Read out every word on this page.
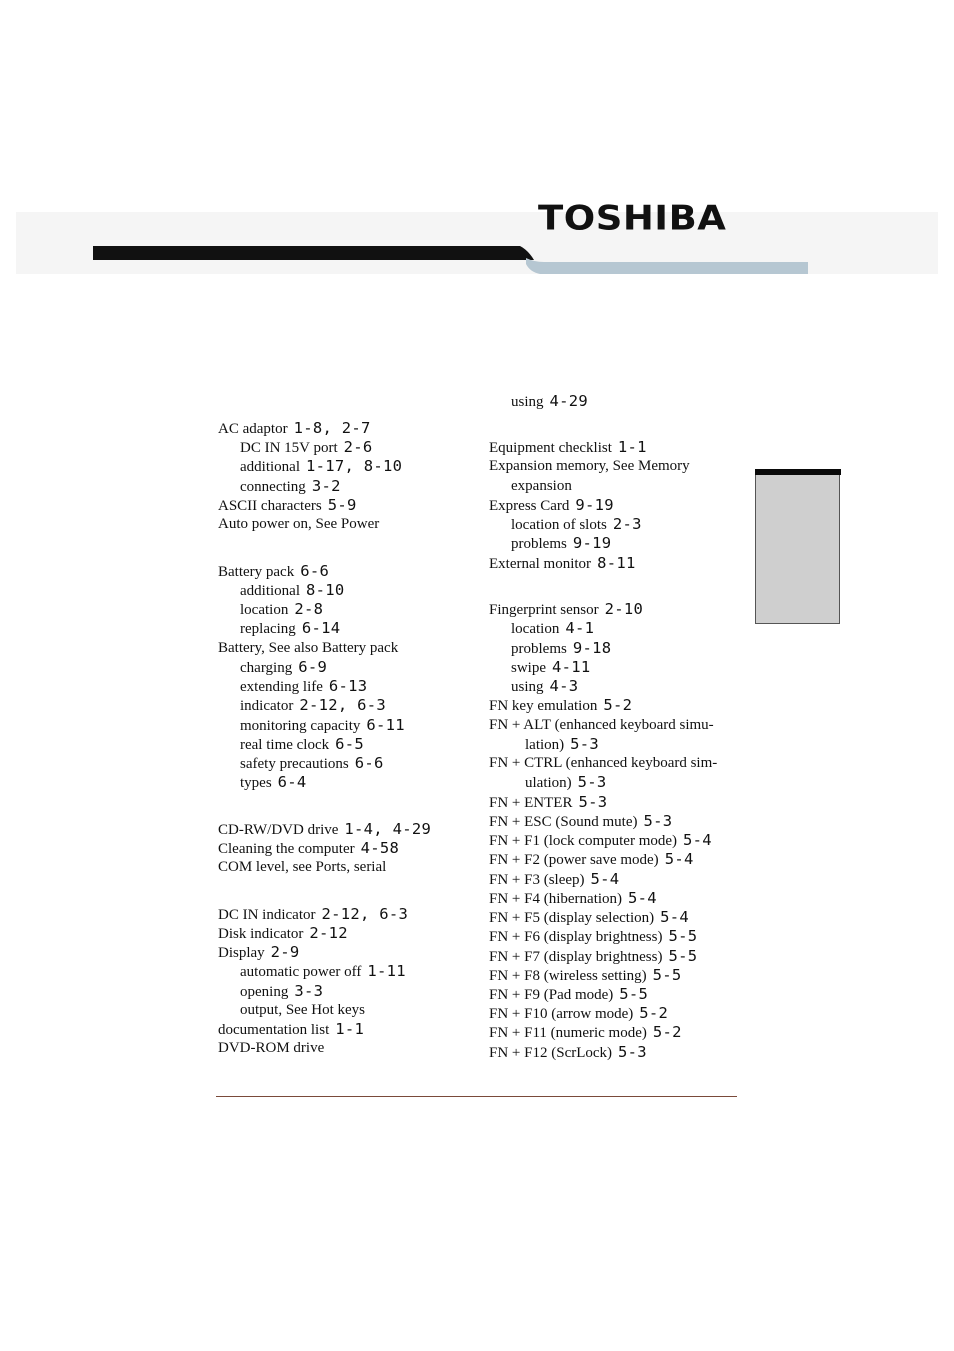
TOSHIBA
AC adaptor 1-8, 2-7
DC IN 15V port 2-6
additional 1-17, 8-10
connecting 3-2
ASCII characters 5-9
Auto power on, See Power
Battery pack 6-6
additional 8-10
location 2-8
replacing 6-14
Battery, See also Battery pack
charging 6-9
extending life 6-13
indicator 2-12, 6-3
monitoring capacity 6-11
real time clock 6-5
safety precautions 6-6
types 6-4
CD-RW/DVD drive 1-4, 4-29
Cleaning the computer 4-58
COM level, see Ports, serial
DC IN indicator 2-12, 6-3
Disk indicator 2-12
Display 2-9
automatic power off 1-11
opening 3-3
output, See Hot keys
documentation list 1-1
DVD-ROM drive
using 4-29
Equipment checklist 1-1
Expansion memory, See Memory
expansion
Express Card 9-19
location of slots 2-3
problems 9-19
External monitor 8-11
Fingerprint sensor 2-10
location 4-1
problems 9-18
swipe 4-11
using 4-3
FN key emulation 5-2
FN + ALT (enhanced keyboard simu-
lation) 5-3
FN + CTRL (enhanced keyboard sim-
ulation) 5-3
FN + ENTER 5-3
FN + ESC (Sound mute) 5-3
FN + F1 (lock computer mode) 5-4
FN + F2 (power save mode) 5-4
FN + F3 (sleep) 5-4
FN + F4 (hibernation) 5-4
FN + F5 (display selection) 5-4
FN + F6 (display brightness) 5-5
FN + F7 (display brightness) 5-5
FN + F8 (wireless setting) 5-5
FN + F9 (Pad mode) 5-5
FN + F10 (arrow mode) 5-2
FN + F11 (numeric mode) 5-2
FN + F12 (ScrLock) 5-3
